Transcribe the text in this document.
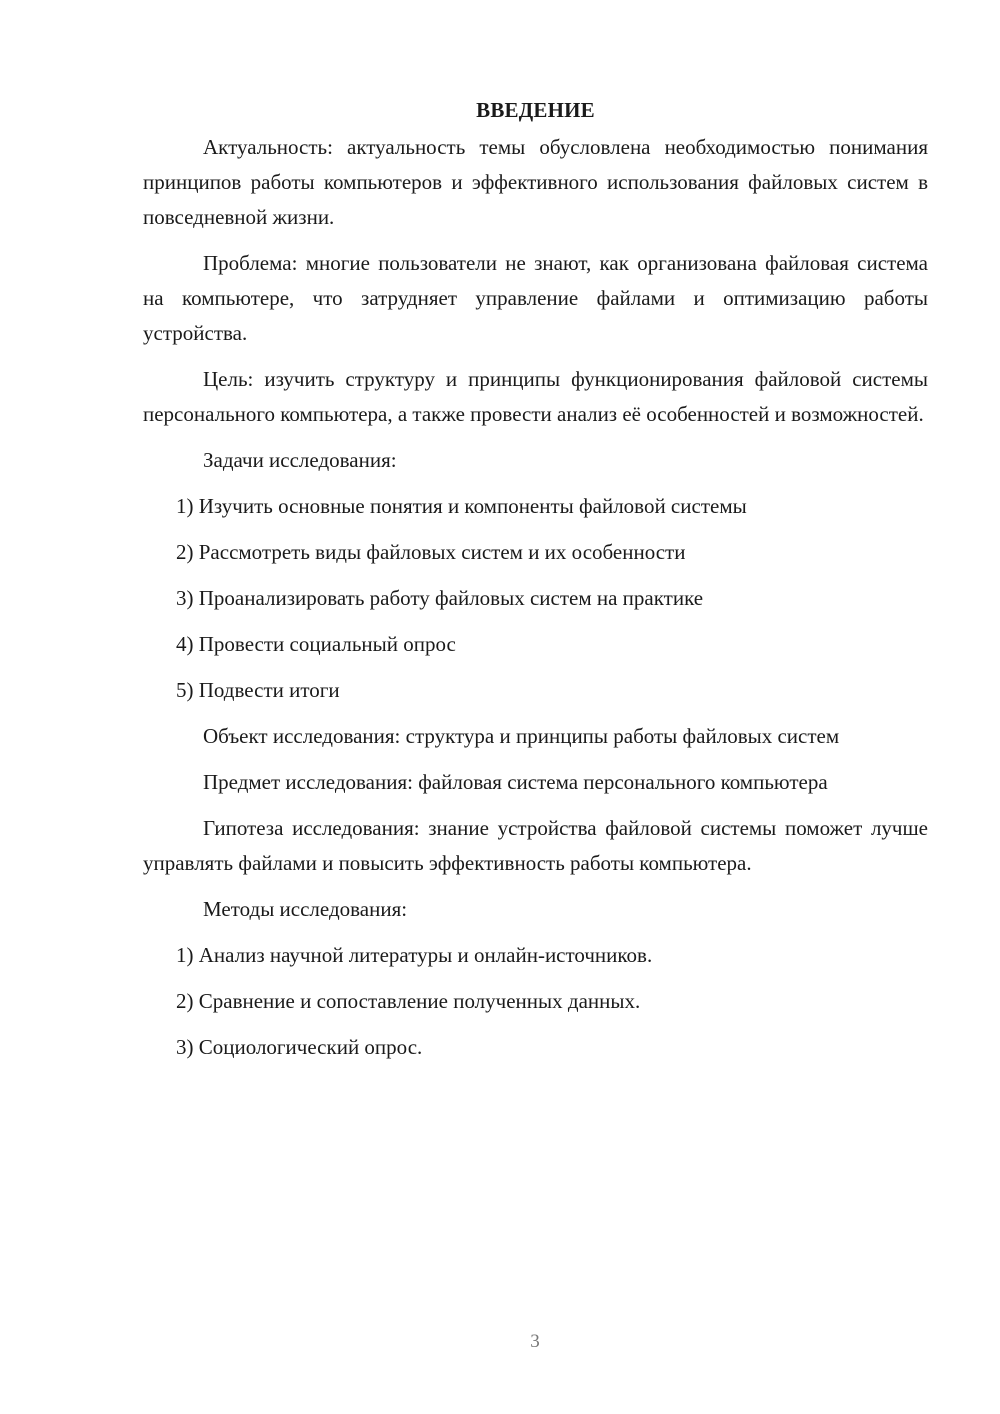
ВВЕДЕНИЕ

Актуальность: актуальность темы обусловлена необходимостью понимания принципов работы компьютеров и эффективного использования файловых систем в повседневной жизни.

Проблема: многие пользователи не знают, как организована файловая система на компьютере, что затрудняет управление файлами и оптимизацию работы устройства.

Цель: изучить структуру и принципы функционирования файловой системы персонального компьютера, а также провести анализ её особенностей и возможностей.

Задачи исследования:

1) Изучить основные понятия и компоненты файловой системы

2) Рассмотреть виды файловых систем и их особенности

3) Проанализировать работу файловых систем на практике

4) Провести социальный опрос

5) Подвести итоги

Объект исследования: структура и принципы работы файловых систем

Предмет исследования: файловая система персонального компьютера

Гипотеза исследования: знание устройства файловой системы поможет лучше управлять файлами и повысить эффективность работы компьютера.

Методы исследования:

1) Анализ научной литературы и онлайн-источников.

2) Сравнение и сопоставление полученных данных.

3) Социологический опрос.

3
